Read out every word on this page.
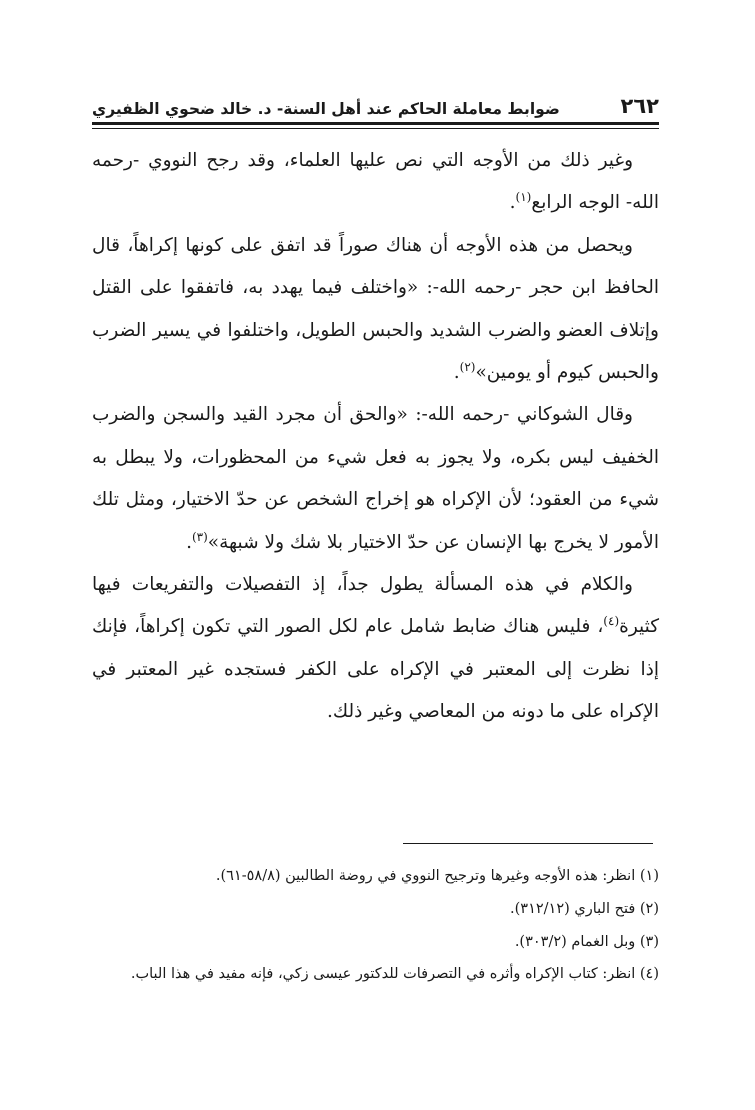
٢٦٢
ضوابط معاملة الحاكم عند أهل السنة- د. خالد ضحوي الظفيري

وغير ذلك من الأوجه التي نص عليها العلماء، وقد رجح النووي -رحمه الله- الوجه الرابع$^{(١)}$.

ويحصل من هذه الأوجه أن هناك صوراً قد اتفق على كونها إكراهاً، قال الحافظ ابن حجر -رحمه الله-: «واختلف فيما يهدد به، فاتفقوا على القتل وإتلاف العضو والضرب الشديد والحبس الطويل، واختلفوا في يسير الضرب والحبس كيوم أو يومين»$^{(٢)}$.

وقال الشوكاني -رحمه الله-: «والحق أن مجرد القيد والسجن والضرب الخفيف ليس بكره، ولا يجوز به فعل شيء من المحظورات، ولا يبطل به شيء من العقود؛ لأن الإكراه هو إخراج الشخص عن حدّ الاختيار، ومثل تلك الأمور لا يخرج بها الإنسان عن حدّ الاختيار بلا شك ولا شبهة»$^{(٣)}$.

والكلام في هذه المسألة يطول جداً، إذ التفصيلات والتفريعات فيها كثيرة$^{(٤)}$، فليس هناك ضابط شامل عام لكل الصور التي تكون إكراهاً، فإنك إذا نظرت إلى المعتبر في الإكراه على الكفر فستجده غير المعتبر في الإكراه على ما دونه من المعاصي وغير ذلك.

(١) انظر: هذه الأوجه وغيرها وترجيح النووي في روضة الطالبين (٥٨/٨-٦١).

(٢) فتح الباري (٣١٢/١٢).

(٣) وبل الغمام (٣٠٣/٢).

(٤) انظر: كتاب الإكراه وأثره في التصرفات للدكتور عيسى زكي، فإنه مفيد في هذا الباب.
